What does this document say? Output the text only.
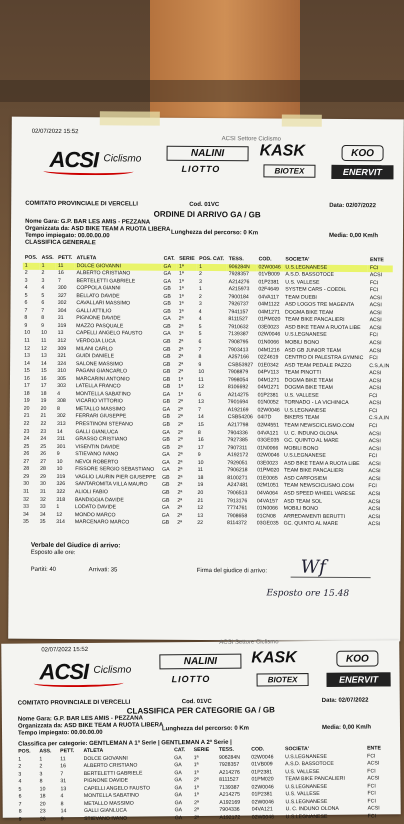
02/07/2022 15:52
ACSI Settore Ciclismo
ACSI Ciclismo	NALINI	KASK	KOO
LIOTTO	BIOTEX	ENERVIT
COMITATO PROVINCIALE DI VERCELLI	Cod. 01VC	Data: 02/07/2022
ORDINE DI ARRIVO GA / GB
Nome Gara: G.P. BAR LES AMIS - PEZZANA
Organizzata da: ASD BIKE TEAM A RUOTA LIBERA
Lunghezza del percorso: 0 Km
Tempo impiegato: 00.00.00.00	Media: 0,00 Km/h
CLASSIFICA GENERALE
POS.	ASS.	PETT.	ATLETA	CAT.	SERIE	POS. CAT.	TESS.	COD.	SOCIETA'	ENTE
1	1	11	DOLCE GIOVANNI	GA	1ª	1	906284N	02W0046	U.S.LEGNANESE	FCI
2	2	16	ALBERTO CRISTIANO	GA	1ª	2	7928357	01VB009	A.S.D. BASSOTOCE	ACSI
3	3	7	BERTELETTI GABRIELE	GA	1ª	3	A214276	01P2381	U.S. VALLESE	FCI
4	4	300	COPPOLA GIANNI	GB	1ª	1	A215973	02F4649	SYSTEM CARS - COEDIL	FCI
5	5	327	BELLATO DAVIDE	GB	1ª	2	7900184	04VA117	TEAM DUEBI	ACSI
6	6	302	CAVALLARI MASSIMO	GB	1ª	3	7926737	04M1122	ASD LOGOS TRE MAGENTA	ACSI
7	7	304	GALLI ATTILIO	GB	1ª	4	7941157	04M1271	DOGMA BIKE TEAM	ACSI
8	8	31	PIGNONE DAVIDE	GA	2ª	4	8111527	01PM020	TEAM BIKE PANCALIERI	ACSI
9	9	319	MAZZO PASQUALE	GB	2ª	5	7910632	03E0023	ASD BIKE TEAM A RUOTA LIBE	ACSI
10	10	13	CAPELLI ANGELO FAUSTO	GA	1ª	5	7139387	02W0046	U.S.LEGNANESE	FCI
11	11	312	VERDOJA LUCA	GB	2ª	6	7908795	01N0066	MOBILI BONO	ACSI
12	12	309	MILANI CARLO	GB	2ª	7	7903413	04M1216	ASD GB JUNIOR TEAM	ACSI
13	13	321	GUIDI DANIELE	GB	2ª	8	A257166	02Z4619	CENTRO DI PALESTRA GYMNIC	FCI
14	14	324	SALONE MASSIMO	GB	2ª	9	CSB53927	01E0342	ASD TEAM PEDALE PAZZO	C.S.A.IN
15	15	310	PAGANI GIANCARLO	GB	2ª	10	7908879	04PV113	TEAM PINOTTI	ACSI
16	16	305	MARCARINI ANTONIO	GB	1ª	11	7998054	04M1271	DOGMA BIKE TEAM	ACSI
17	17	303	LATELLA FRANCO	GB	1ª	12	8106692	04M1271	DOGMA BIKE TEAM	ACSI
18	18	4	MONTELLA SABATINO	GA	1ª	6	A214275	01P2381	U.S. VALLESE	FCI
19	19	308	VICARIO VITTORIO	GB	2ª	13	7901694	01N0052	TORNADO - LA VICHINICA	ACSI
20	20	8	METALLO MASSIMO	GA	2ª	7	A192169	02W0046	U.S.LEGNANESE	FCI
21	21	302	FERRARI GIUSEPPE	GB	2ª	14	CSB54206	04I7D	BIKERS TEAM	C.S.A.IN
22	22	313	PRESTINONI STEFANO	GB	2ª	15	A217798	02M4551	TEAM NEWSCICLISMO.COM	FCI
23	23	14	GALLI GIANLUCA	GA	2ª	8	7904336	04VA121	U. C. INDUNO OLONA	ACSI
24	24	311	GRASSO CRISTIANO	GB	2ª	16	7927385	03GE035	GC. QUINTO AL MARE	ACSI
25	25	301	VISENTIN DAVIDE	GB	2ª	17	7907311	01N0066	MOBILI BONO	ACSI
26	26	9	STIEVANO IVANO	GA	2ª	9	A192172	02W0046	U.S.LEGNANESE	FCI
27	27	10	NEVOI ROBERTO	GA	2ª	10	7929051	03E0023	ASD BIKE TEAM A RUOTA LIBE	ACSI
28	28	10	FISSORE SERGIO SEBASTIANO	GA	2ª	11	7906218	01PM020	TEAM BIKE PANCALIERI	ACSI
29	29	319	VAGLIO LAURIN PIER GIUSEPPE	GB	2ª	18	8100271	01E0065	ASD CARFOSIEM	ACSI
30	30	326	SANTAROMITA VILLA MAURO	GB	2ª	19	A247481	02M1051	TEAM NEWSCICLISMO.COM	FCI
31	31	322	ALIOLI FABIO	GB	2ª	20	7906513	04VA064	ASD SPEED WHEEL VARESE	ACSI
32	32	318	BANDIGGIA DAVIDE	GB	2ª	21	7913176	04VA157	ASD TEAM SOL	ACSI
33	33	1	LODATO DAVIDE	GA	2ª	12	7774761	01N0066	MOBILI BONO	ACSI
34	34	12	MONDO MARCO	GA	2ª	13	7908658	01CN08	ARREDAMENTI BERUTTI	ACSI
35	35	314	MARCENARO MARCO	GB	2ª	22	8114372	03GE035	GC. QUINTO AL MARE	ACSI
Verbale del Giudice di arrivo:
Esposto alle ore:
Partiti: 40	Arrivati: 35	Firma del giudice di arrivo: Wf
Esposto ore 15.48
02/07/2022 15:52
ACSI Settore Ciclismo
ACSI Ciclismo
NALINI	KASK	KOO
LIOTTO	BIOTEX	ENERVIT
COMITATO PROVINCIALE DI VERCELLI	Cod. 01VC	Data: 02/07/2022
CLASSIFICA PER CATEGORIE GA / GB
Nome Gara: G.P. BAR LES AMIS - PEZZANA
Organizzata da: ASD BIKE TEAM A RUOTA LIBERA
Tempo impiegato: 00.00.00.00
Lunghezza del percorso: 0 Km	Media: 0,00 Km/h
Classifica per categorie: GENTLEMAN A 1ª Serie | GENTLEMAN A 2ª Serie |
POS.	ASS.	PETT.	ATLETA	CAT.	SERIE	TESS.	COD.	SOCIETA'	ENTE
1	1	11	DOLCE GIOVANNI	GA	1ª	906284N	02W0046	U.S.LEGNANESE	FCI
2	2	16	ALBERTO CRISTIANO	GA	1ª	7928357	01VB009	A.S.D. BASSOTOCE	ACSI
3	3	7	BERTELETTI GABRIELE	GA	1ª	A214276	01P2381	U.S. VALLESE	FCI
4	8	31	PIGNONE DAVIDE	GA	2ª	8111527	01PM020	TEAM BIKE PANCALIERI	ACSI
5	10	13	CAPELLI ANGELO FAUSTO	GA	1ª	7139387	02W0046	U.S.LEGNANESE	FCI
6	18	4	MONTELLA SABATINO	GA	1ª	A214275	01P2381	U.S. VALLESE	FCI
7	20	8	METALLO MASSIMO	GA	2ª	A192169	02W0046	U.S.LEGNANESE	FCI
8	23	14	GALLI GIANLUCA	GA	2ª	7904336	04VA121	U. C. INDUNO OLONA	ACSI
9	26	9	STIEVANO IVANO	GA	2ª	A192172	02W0046	U.S.LEGNANESE	FCI
